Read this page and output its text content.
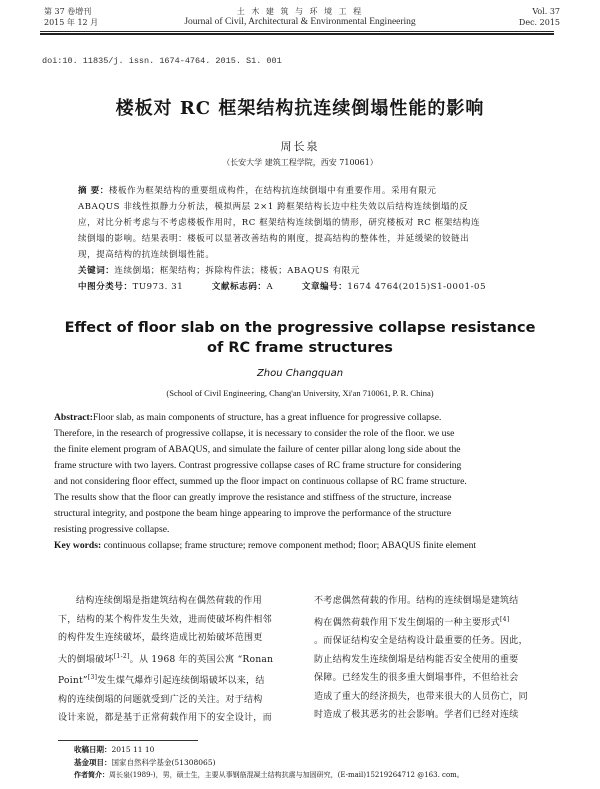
第 37 卷增刊
2015 年 12 月
土 木 建 筑 与 环 境 工 程
Journal of Civil, Architectural & Environmental Engineering
Vol. 37
Dec. 2015
doi:10. 11835/j. issn. 1674-4764. 2015. S1. 001
楼板对 RC 框架结构抗连续倒塌性能的影响
周长泉
（长安大学 建筑工程学院，西安 710061）
摘 要：楼板作为框架结构的重要组成构件，在结构抗连续倒塌中有重要作用。采用有限元
ABAQUS 非线性拟静力分析法，模拟两层 2×1 跨框架结构长边中柱失效以后结构连续倒塌的反
应，对比分析考虑与不考虑楼板作用时，RC 框架结构连续倒塌的情形，研究楼板对 RC 框架结构连
续倒塌的影响。结果表明：楼板可以显著改善结构的刚度，提高结构的整体性，并延缓梁的铰链出
现，提高结构的抗连续倒塌性能。
关键词：连续倒塌；框架结构；拆除构件法；楼板；ABAQUS 有限元
中图分类号：TU973. 31	文献标志码：A	文章编号：1674 4764(2015)S1-0001-05
Effect of floor slab on the progressive collapse resistance
of RC frame structures
Zhou Changquan
(School of Civil Engineering, Chang'an University, Xi'an 710061, P. R. China)
Abstract:Floor slab, as main components of structure, has a great influence for progressive collapse.
Therefore, in the research of progressive collapse, it is necessary to consider the role of the floor. we use
the finite element program of ABAQUS, and simulate the failure of center pillar along long side about the
frame structure with two layers. Contrast progressive collapse cases of RC frame structure for considering
and not considering floor effect, summed up the floor impact on continuous collapse of RC frame structure.
The results show that the floor can greatly improve the resistance and stiffness of the structure, increase
structural integrity, and postpone the beam hinge appearing to improve the performance of the structure
resisting progressive collapse.
Key words: continuous collapse; frame structure; remove component method; floor; ABAQUS finite element
结构连续倒塌是指建筑结构在偶然荷载的作用
下，结构的某个构件发生失效，进而使破坏构件相邻
的构件发生连续破坏，最终造成比初始破坏范围更
大的倒塌破坏[1-2]。从 1968 年的英国公寓 “Ronan
Point”[3]发生煤气爆炸引起连续倒塌破坏以来，结
构的连续倒塌的问题就受到广泛的关注。对于结构
设计来说，都是基于正常荷载作用下的安全设计，而
不考虑偶然荷载的作用。结构的连续倒塌是建筑结
构在偶然荷载作用下发生倒塌的一种主要形式[4]
。而保证结构安全是结构设计最重要的任务。因此，
防止结构发生连续倒塌是结构能否安全使用的重要
保障。已经发生的很多重大倒塌事件，不但给社会
造成了重大的经济损失，也带来很大的人员伤亡，同
时造成了极其恶劣的社会影响。学者们已经对连续
收稿日期：2015 11 10
基金项目：国家自然科学基金(51308065)
作者简介：周长泉(1989-)，男，硕士生，主要从事钢筋混凝土结构抗震与加固研究，(E-mail)15219264712 @163. com。
